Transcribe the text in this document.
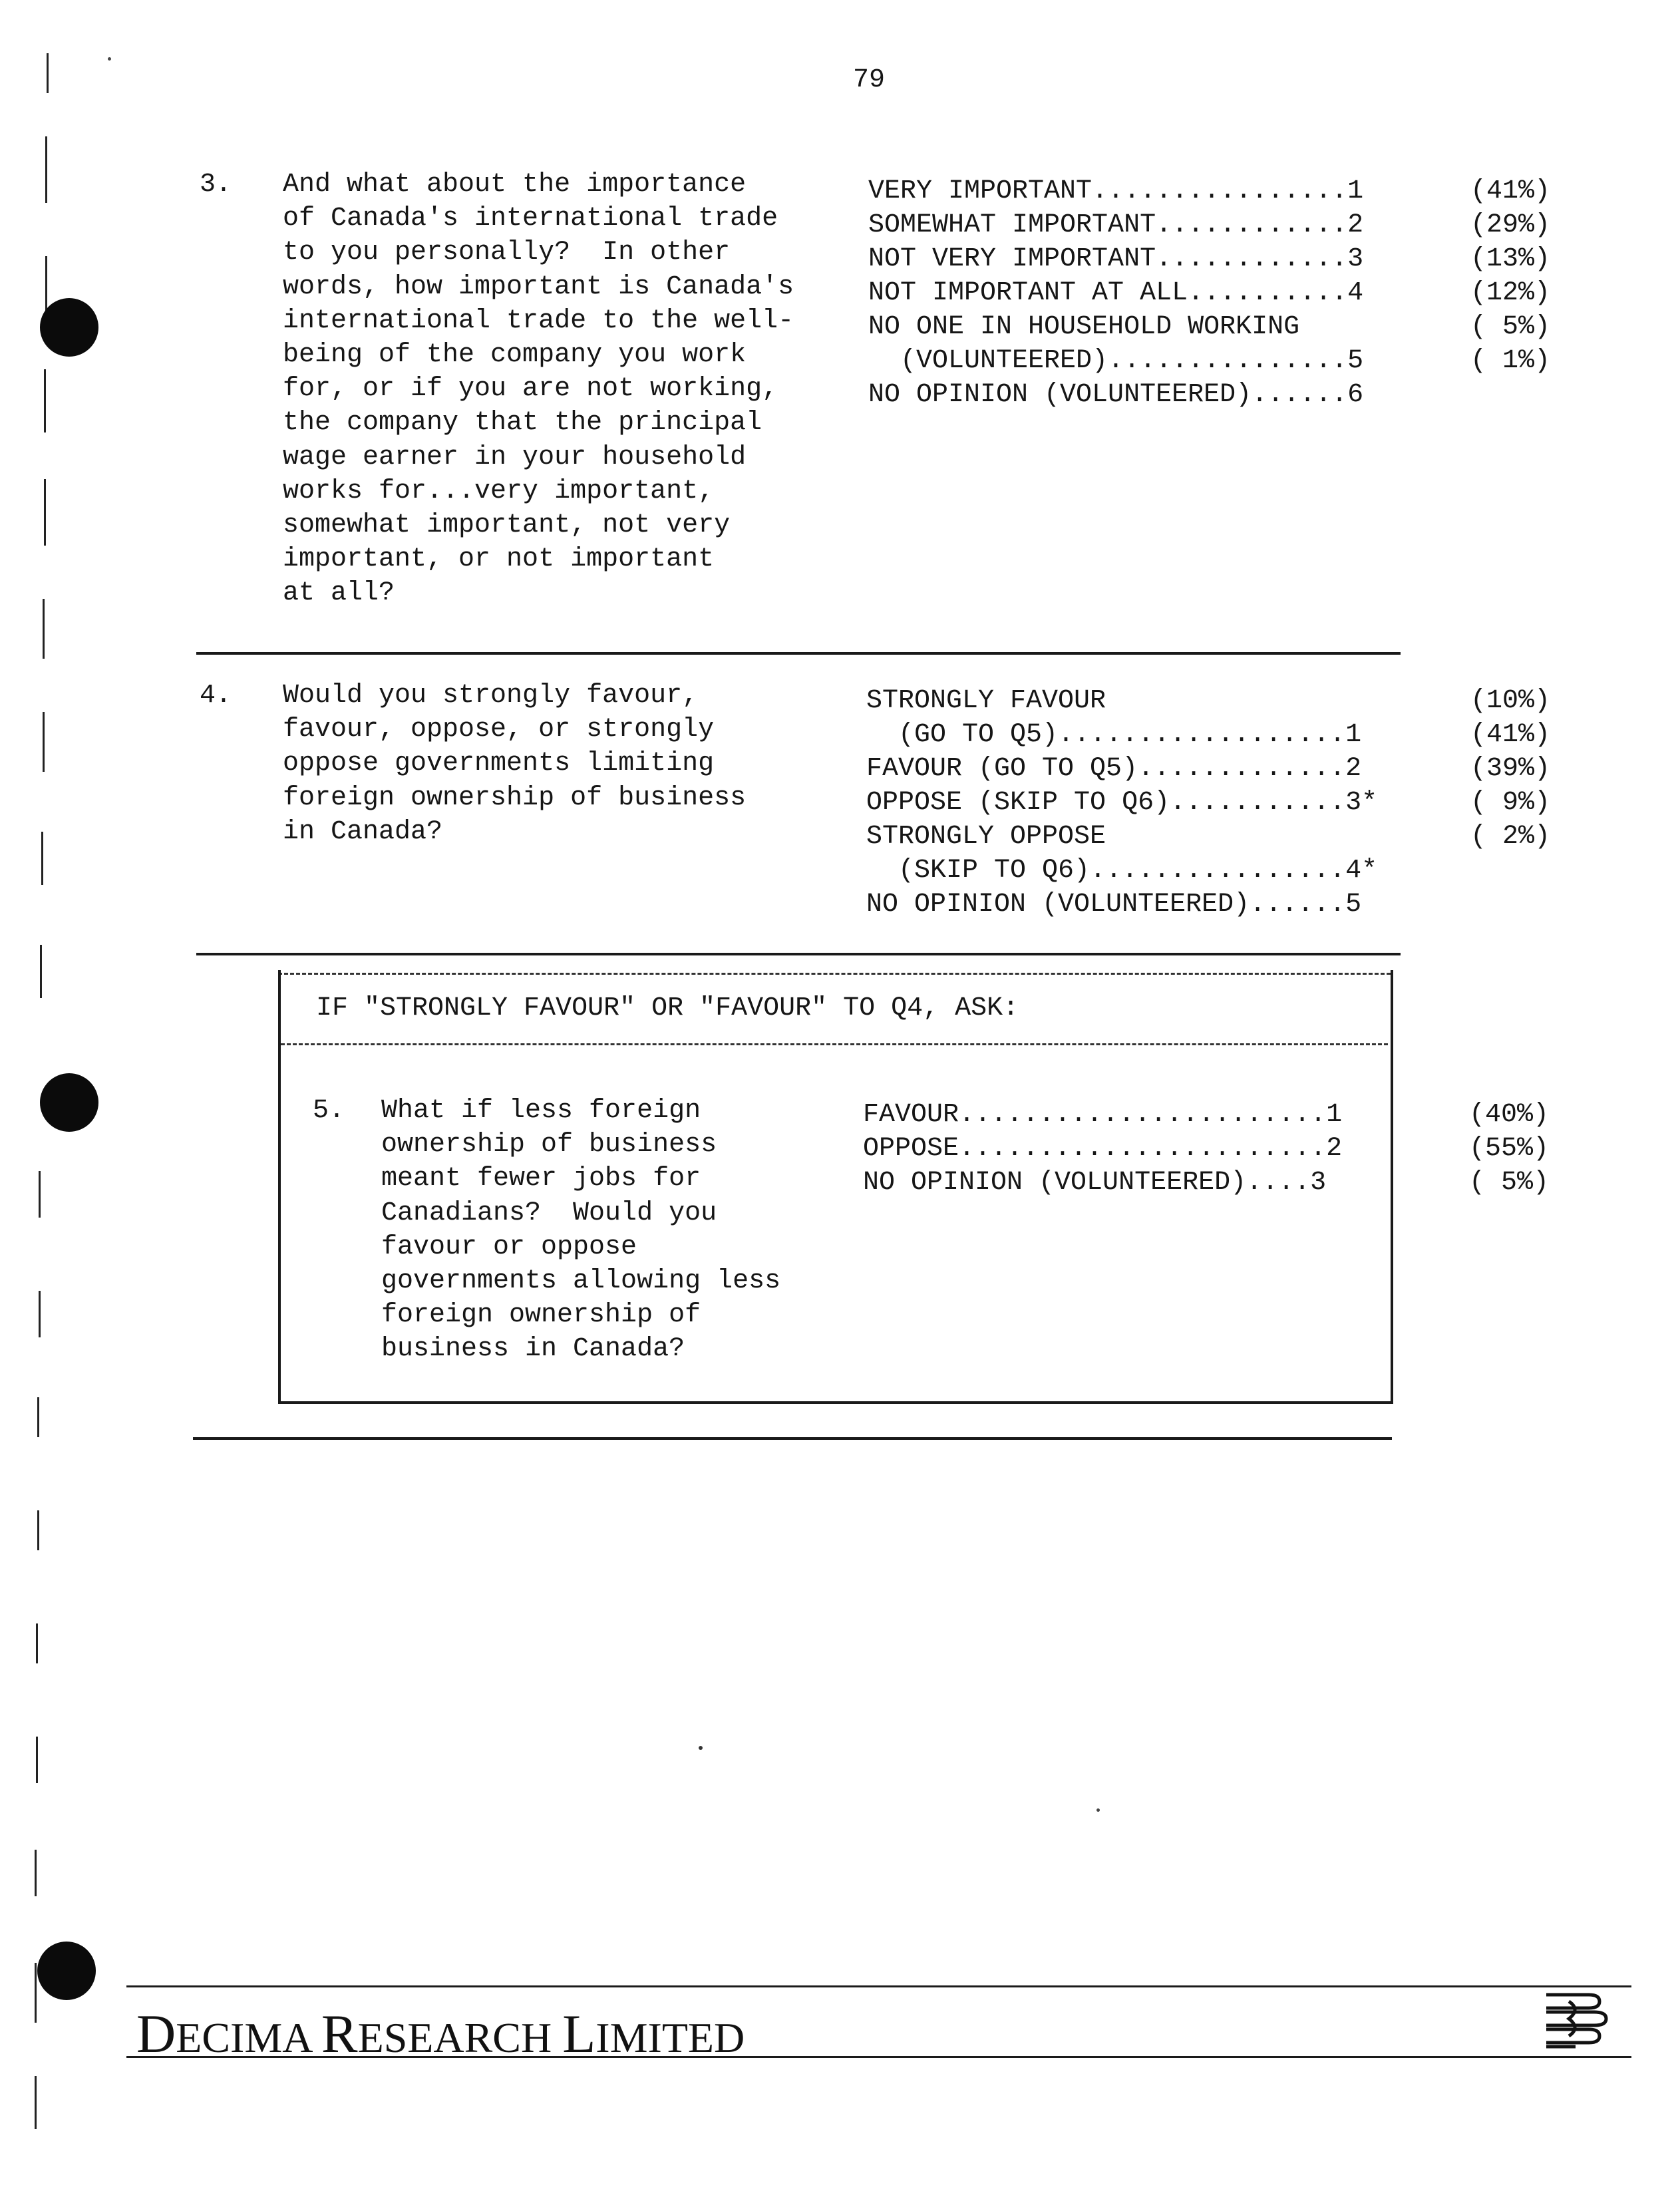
79
3. And what about the importance
of Canada's international trade
to you personally?  In other
words, how important is Canada's
international trade to the well-
being of the company you work
for, or if you are not working,
the company that the principal
wage earner in your household
works for...very important,
somewhat important, not very
important, or not important
at all?
VERY IMPORTANT................1
SOMEWHAT IMPORTANT............2
NOT VERY IMPORTANT............3
NOT IMPORTANT AT ALL..........4
NO ONE IN HOUSEHOLD WORKING
(VOLUNTEERED)...............5
NO OPINION (VOLUNTEERED)......6
(41%)
(29%)
(13%)
(12%)
( 5%)
( 1%)
4. Would you strongly favour,
favour, oppose, or strongly
oppose governments limiting
foreign ownership of business
in Canada?
STRONGLY FAVOUR
(GO TO Q5)..................1
FAVOUR (GO TO Q5).............2
OPPOSE (SKIP TO Q6)...........3*
STRONGLY OPPOSE
(SKIP TO Q6)................4*
NO OPINION (VOLUNTEERED)......5
(10%)
(41%)
(39%)
( 9%)
( 2%)
IF "STRONGLY FAVOUR" OR "FAVOUR" TO Q4, ASK:
5. What if less foreign
ownership of business
meant fewer jobs for
Canadians?  Would you
favour or oppose
governments allowing less
foreign ownership of
business in Canada?
FAVOUR.......................1
OPPOSE.......................2
NO OPINION (VOLUNTEERED)....3
(40%)
(55%)
( 5%)
DECIMA RESEARCH LIMITED
